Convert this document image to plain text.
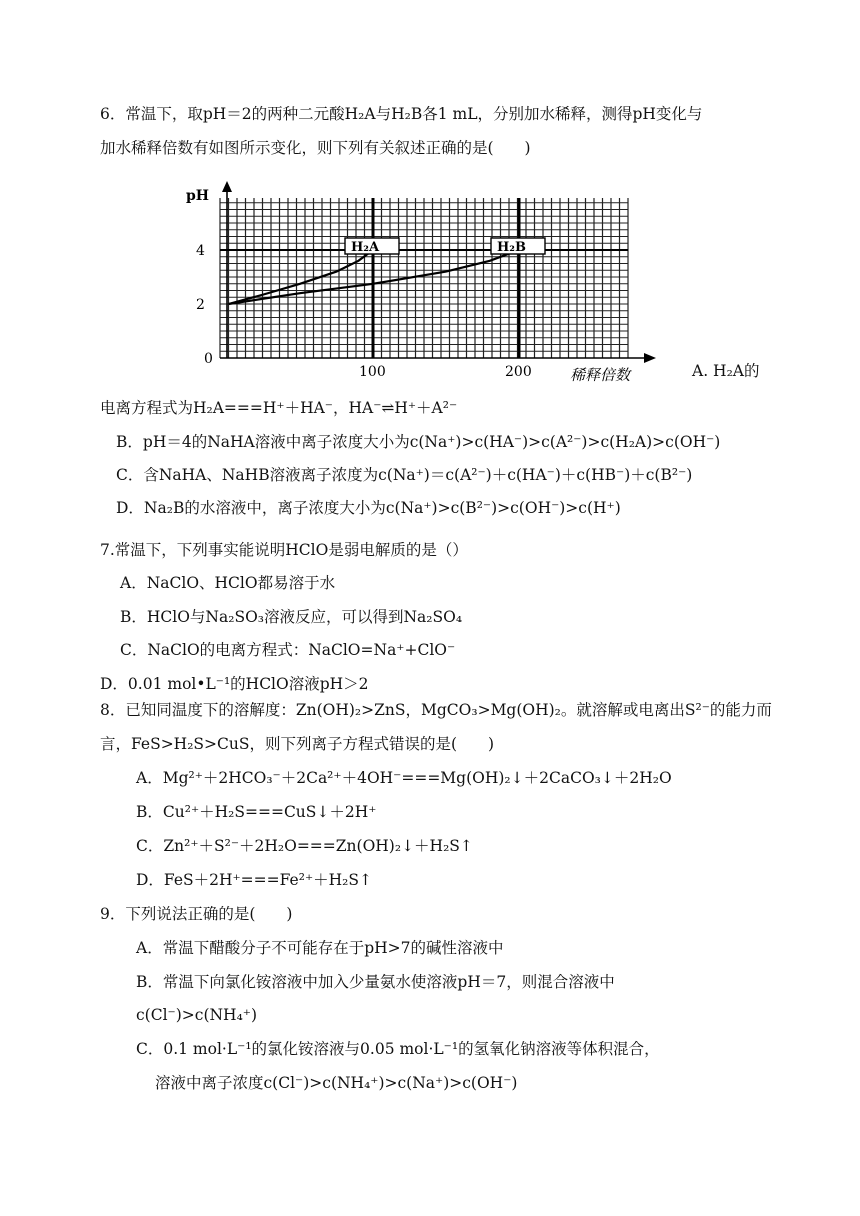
6．常温下，取pH＝2的两种二元酸H₂A与H₂B各1 mL，分别加水稀释，测得pH变化与
加水稀释倍数有如图所示变化，则下列有关叙述正确的是(　　)
pH
0
2
4
100	200	稀释倍数
H₂A	H₂B
A. H₂A的
电离方程式为H₂A===H⁺＋HA⁻，HA⁻⇌H⁺＋A²⁻
B．pH＝4的NaHA溶液中离子浓度大小为c(Na⁺)>c(HA⁻)>c(A²⁻)>c(H₂A)>c(OH⁻)
C．含NaHA、NaHB溶液离子浓度为c(Na⁺)＝c(A²⁻)＋c(HA⁻)＋c(HB⁻)＋c(B²⁻)
D．Na₂B的水溶液中，离子浓度大小为c(Na⁺)>c(B²⁻)>c(OH⁻)>c(H⁺)
7.常温下，下列事实能说明HClO是弱电解质的是（）
A．NaClO、HClO都易溶于水
B．HClO与Na₂SO₃溶液反应，可以得到Na₂SO₄
C．NaClO的电离方程式：NaClO=Na⁺+ClO⁻
D．0.01 mol•L⁻¹的HClO溶液pH＞2
8．已知同温度下的溶解度：Zn(OH)₂>ZnS，MgCO₃>Mg(OH)₂。就溶解或电离出S²⁻的能力而
言，FeS>H₂S>CuS，则下列离子方程式错误的是(　　)
A．Mg²⁺＋2HCO₃⁻＋2Ca²⁺＋4OH⁻===Mg(OH)₂↓＋2CaCO₃↓＋2H₂O
B．Cu²⁺＋H₂S===CuS↓＋2H⁺
C．Zn²⁺＋S²⁻＋2H₂O===Zn(OH)₂↓＋H₂S↑
D．FeS＋2H⁺===Fe²⁺＋H₂S↑
9．下列说法正确的是(　　)
A．常温下醋酸分子不可能存在于pH>7的碱性溶液中
B．常温下向氯化铵溶液中加入少量氨水使溶液pH＝7，则混合溶液中
c(Cl⁻)>c(NH₄⁺)
C．0.1 mol·L⁻¹的氯化铵溶液与0.05 mol·L⁻¹的氢氧化钠溶液等体积混合，
溶液中离子浓度c(Cl⁻)>c(NH₄⁺)>c(Na⁺)>c(OH⁻)
